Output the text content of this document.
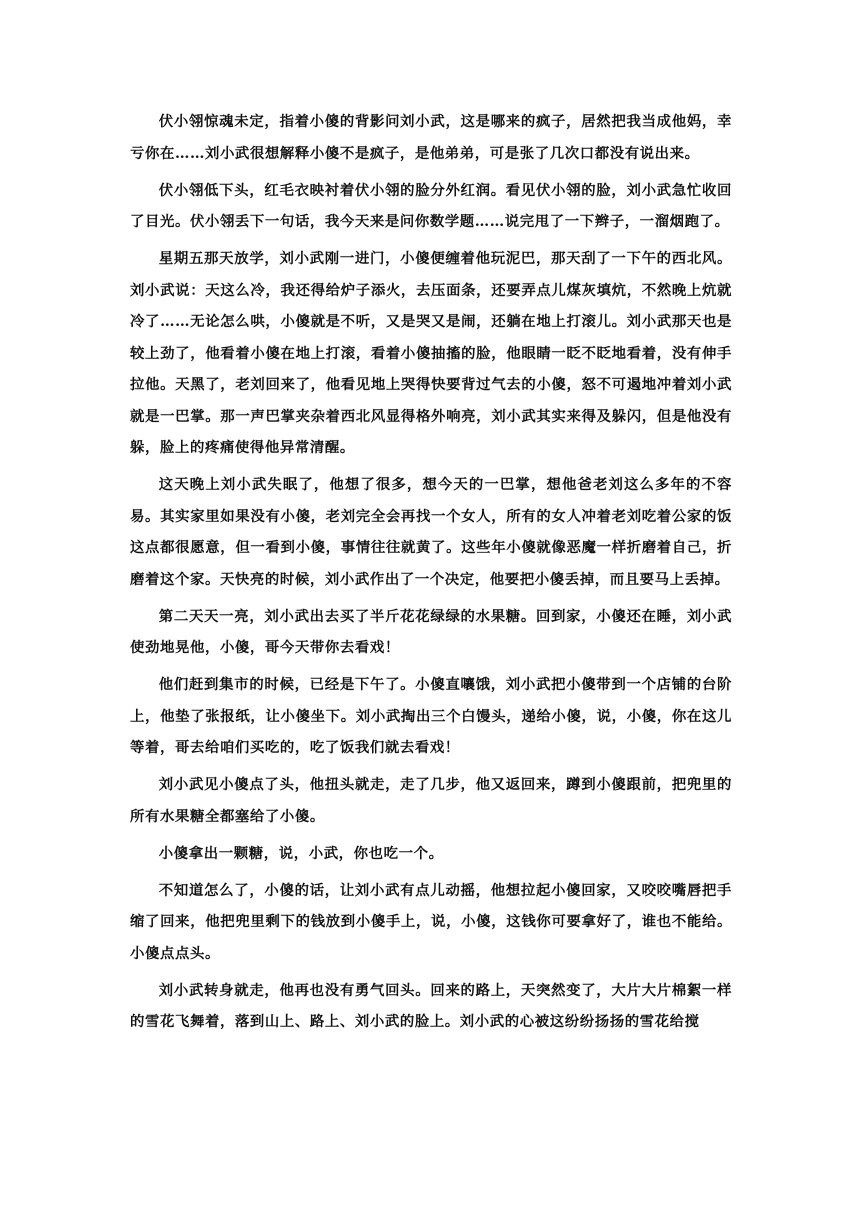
伏小翎惊魂未定，指着小傻的背影问刘小武，这是哪来的疯子，居然把我当成他妈，幸亏你在……刘小武很想解释小傻不是疯子，是他弟弟，可是张了几次口都没有说出来。

伏小翎低下头，红毛衣映衬着伏小翎的脸分外红润。看见伏小翎的脸，刘小武急忙收回了目光。伏小翎丢下一句话，我今天来是问你数学题……说完甩了一下辫子，一溜烟跑了。

星期五那天放学，刘小武刚一进门，小傻便缠着他玩泥巴，那天刮了一下午的西北风。刘小武说：天这么冷，我还得给炉子添火，去压面条，还要弄点儿煤灰填炕，不然晚上炕就冷了……无论怎么哄，小傻就是不听，又是哭又是闹，还躺在地上打滚儿。刘小武那天也是较上劲了，他看着小傻在地上打滚，看着小傻抽搐的脸，他眼睛一眨不眨地看着，没有伸手拉他。天黑了，老刘回来了，他看见地上哭得快要背过气去的小傻，怒不可遏地冲着刘小武就是一巴掌。那一声巴掌夹杂着西北风显得格外响亮，刘小武其实来得及躲闪，但是他没有躲，脸上的疼痛使得他异常清醒。

这天晚上刘小武失眠了，他想了很多，想今天的一巴掌，想他爸老刘这么多年的不容易。其实家里如果没有小傻，老刘完全会再找一个女人，所有的女人冲着老刘吃着公家的饭这点都很愿意，但一看到小傻，事情往往就黄了。这些年小傻就像恶魔一样折磨着自己，折磨着这个家。天快亮的时候，刘小武作出了一个决定，他要把小傻丢掉，而且要马上丢掉。

第二天天一亮，刘小武出去买了半斤花花绿绿的水果糖。回到家，小傻还在睡，刘小武使劲地晃他，小傻，哥今天带你去看戏！

他们赶到集市的时候，已经是下午了。小傻直嚷饿，刘小武把小傻带到一个店铺的台阶上，他垫了张报纸，让小傻坐下。刘小武掏出三个白馒头，递给小傻，说，小傻，你在这儿等着，哥去给咱们买吃的，吃了饭我们就去看戏！

刘小武见小傻点了头，他扭头就走，走了几步，他又返回来，蹲到小傻跟前，把兜里的所有水果糖全都塞给了小傻。

小傻拿出一颗糖，说，小武，你也吃一个。

不知道怎么了，小傻的话，让刘小武有点儿动摇，他想拉起小傻回家，又咬咬嘴唇把手缩了回来，他把兜里剩下的钱放到小傻手上，说，小傻，这钱你可要拿好了，谁也不能给。小傻点点头。

刘小武转身就走，他再也没有勇气回头。回来的路上，天突然变了，大片大片棉絮一样的雪花飞舞着，落到山上、路上、刘小武的脸上。刘小武的心被这纷纷扬扬的雪花给搅
